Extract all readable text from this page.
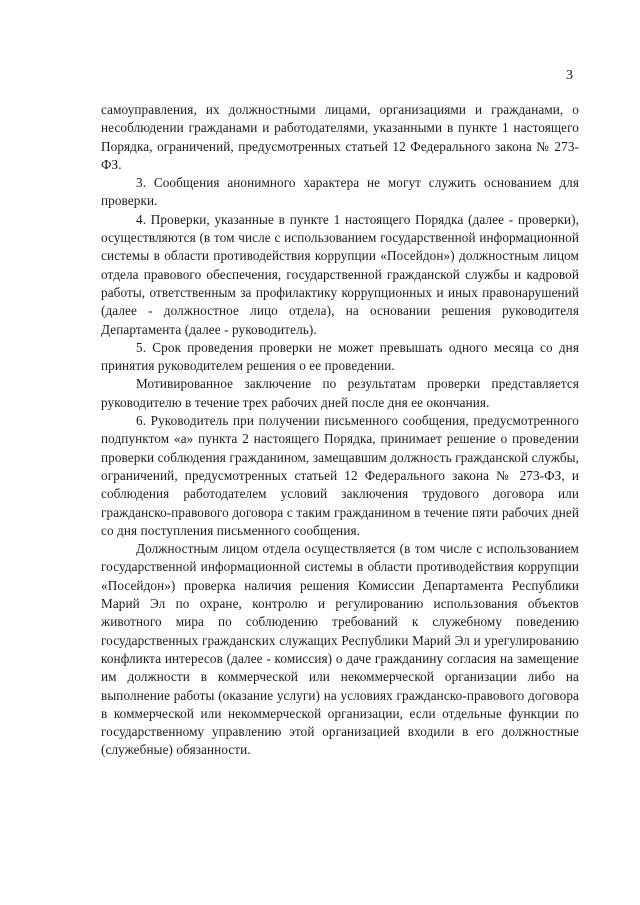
3

самоуправления, их должностными лицами, организациями и гражданами, о несоблюдении гражданами и работодателями, указанными в пункте 1 настоящего Порядка, ограничений, предусмотренных статьей 12 Федерального закона № 273-ФЗ.

3. Сообщения анонимного характера не могут служить основанием для проверки.

4. Проверки, указанные в пункте 1 настоящего Порядка (далее - проверки), осуществляются (в том числе с использованием государственной информационной системы в области противодействия коррупции «Посейдон») должностным лицом отдела правового обеспечения, государственной гражданской службы и кадровой работы, ответственным за профилактику коррупционных и иных правонарушений (далее - должностное лицо отдела), на основании решения руководителя Департамента (далее - руководитель).

5. Срок проведения проверки не может превышать одного месяца со дня принятия руководителем решения о ее проведении.

Мотивированное заключение по результатам проверки представляется руководителю в течение трех рабочих дней после дня ее окончания.

6. Руководитель при получении письменного сообщения, предусмотренного подпунктом «а» пункта 2 настоящего Порядка, принимает решение о проведении проверки соблюдения гражданином, замещавшим должность гражданской службы, ограничений, предусмотренных статьей 12 Федерального закона № 273-ФЗ, и соблюдения работодателем условий заключения трудового договора или гражданско-правового договора с таким гражданином в течение пяти рабочих дней со дня поступления письменного сообщения.

Должностным лицом отдела осуществляется (в том числе с использованием государственной информационной системы в области противодействия коррупции «Посейдон») проверка наличия решения Комиссии Департамента Республики Марий Эл по охране, контролю и регулированию использования объектов животного мира по соблюдению требований к служебному поведению государственных гражданских служащих Республики Марий Эл и урегулированию конфликта интересов (далее - комиссия) о даче гражданину согласия на замещение им должности в коммерческой или некоммерческой организации либо на выполнение работы (оказание услуги) на условиях гражданско-правового договора в коммерческой или некоммерческой организации, если отдельные функции по государственному управлению этой организацией входили в его должностные (служебные) обязанности.
